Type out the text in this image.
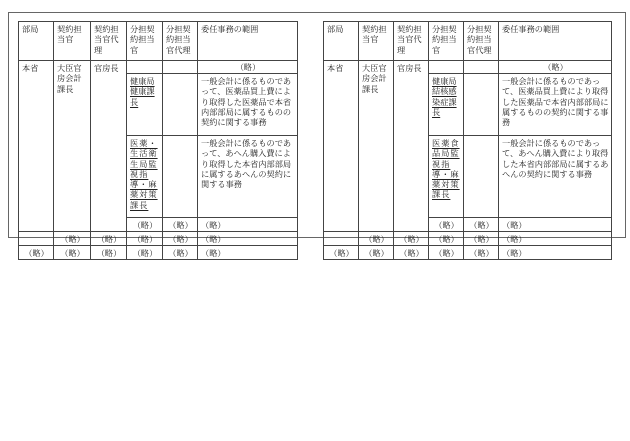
部局	契約担当官	契約担当官代理	分担契約担当官	分担契約担当官代理	委任事務の範囲
本省	大臣官房会計課長	官房長			（略）
			健康局健康課長		一般会計に係るものであって、医薬品買上費により取得した医薬品で本省内部部局に属するものの契約に関する事務
			医薬・生活衛生局監視指導・麻薬対策課長		一般会計に係るものであって、あへん購入費により取得した本省内部部局に属するあへんの契約に関する事務
			（略）	（略）	（略）
	（略）	（略）	（略）	（略）	（略）
（略）	（略）	（略）	（略）	（略）	（略）
部局	契約担当官	契約担当官代理	分担契約担当官	分担契約担当官代理	委任事務の範囲
本省	大臣官房会計課長	官房長			（略）
			健康局結核感染症課長		一般会計に係るものであって、医薬品買上費により取得した医薬品で本省内部部局に属するものの契約に関する事務
			医薬食品局監視指導・麻薬対策課長		一般会計に係るものであって、あへん購入費により取得した本省内部部局に属するあへんの契約に関する事務
			（略）	（略）	（略）
	（略）	（略）	（略）	（略）	（略）
（略）	（略）	（略）	（略）	（略）	（略）
